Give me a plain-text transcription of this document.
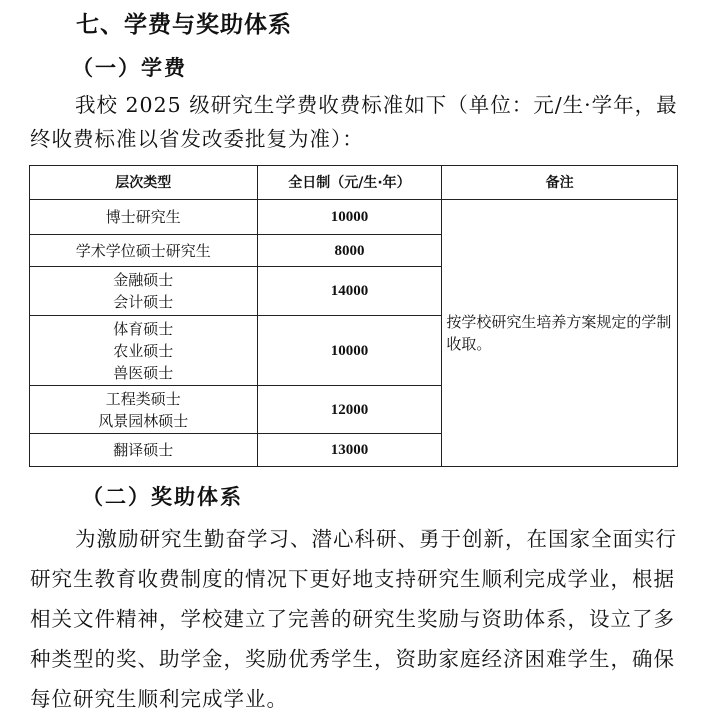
七、学费与奖助体系
（一）学费

我校 2025 级研究生学费收费标准如下（单位：元/生·学年，最终收费标准以省发改委批复为准）：

层次类型	全日制（元/生·年）	备注

博士研究生	10000	按学校研究生培养方案规定的学制收取。

学术学位硕士研究生	8000	

金融硕士
会计硕士	14000	

体育硕士
农业硕士
兽医硕士	10000	

工程类硕士
风景园林硕士	12000	

翻译硕士	13000	
（二）奖助体系

为激励研究生勤奋学习、潜心科研、勇于创新，在国家全面实行研究生教育收费制度的情况下更好地支持研究生顺利完成学业，根据相关文件精神，学校建立了完善的研究生奖励与资助体系，设立了多种类型的奖、助学金，奖励优秀学生，资助家庭经济困难学生，确保每位研究生顺利完成学业。
